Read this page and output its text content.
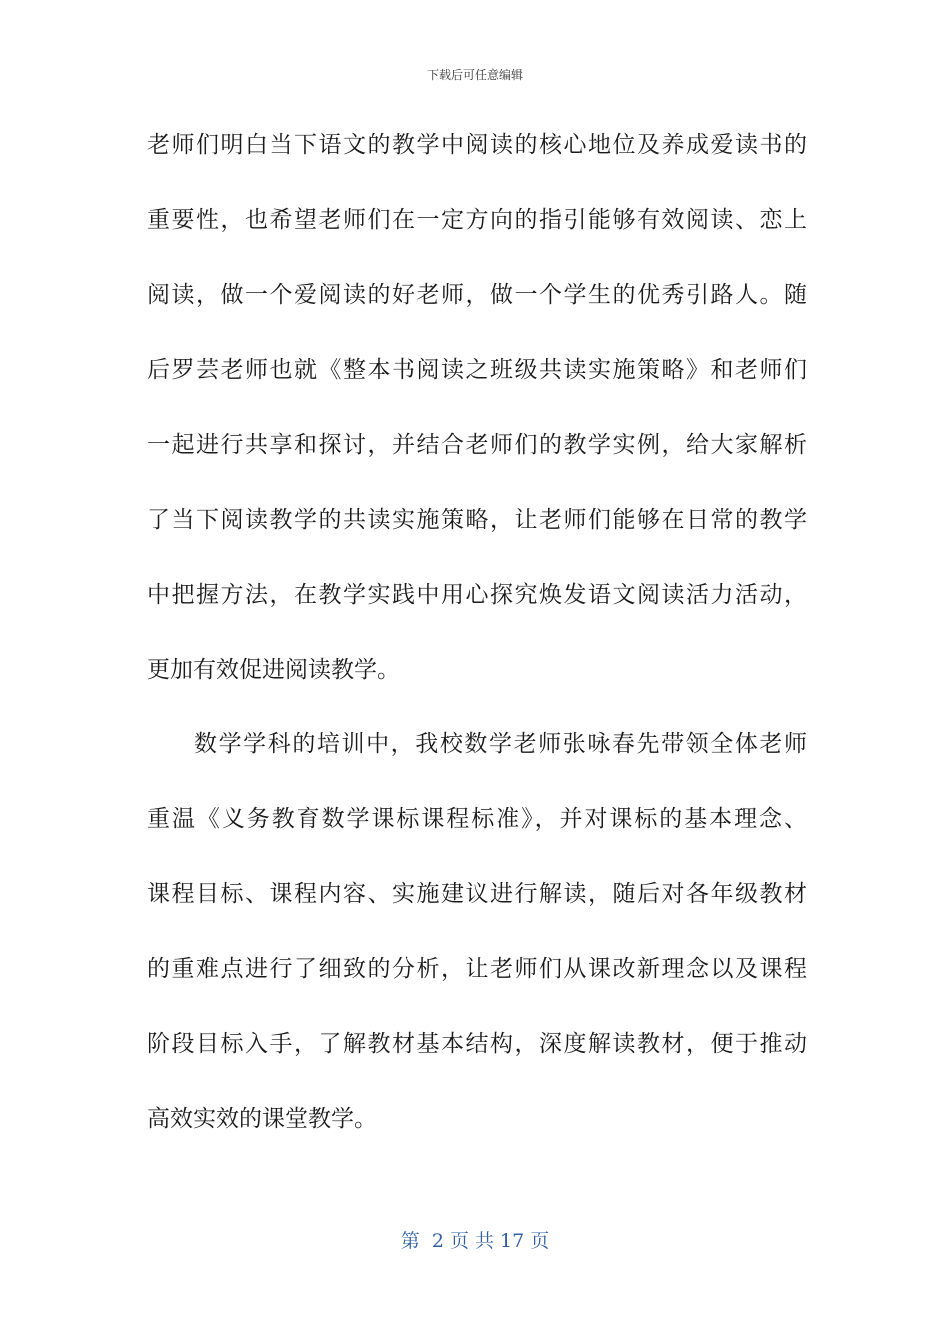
下载后可任意编辑
老师们明白当下语文的教学中阅读的核心地位及养成爱读书的
重要性，也希望老师们在一定方向的指引能够有效阅读、恋上
阅读，做一个爱阅读的好老师，做一个学生的优秀引路人。随
后罗芸老师也就《整本书阅读之班级共读实施策略》和老师们
一起进行共享和探讨，并结合老师们的教学实例，给大家解析
了当下阅读教学的共读实施策略，让老师们能够在日常的教学
中把握方法，在教学实践中用心探究焕发语文阅读活力活动，
更加有效促进阅读教学。
数学学科的培训中，我校数学老师张咏春先带领全体老师
重温《义务教育数学课标课程标准》，并对课标的基本理念、
课程目标、课程内容、实施建议进行解读，随后对各年级教材
的重难点进行了细致的分析，让老师们从课改新理念以及课程
阶段目标入手，了解教材基本结构，深度解读教材，便于推动
高效实效的课堂教学。
第  2 页 共 17 页
